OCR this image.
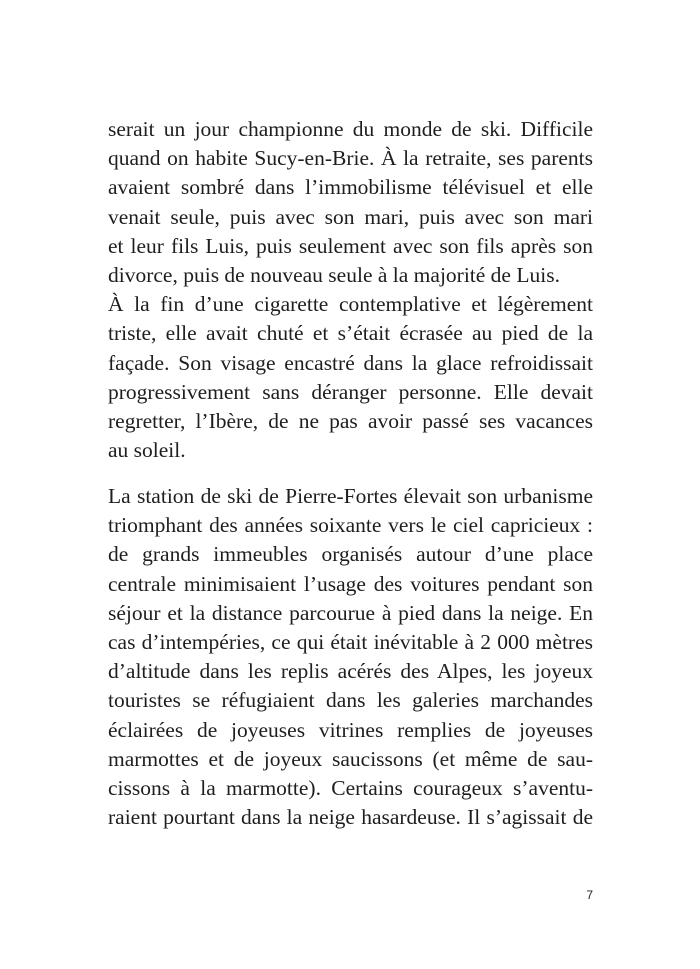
serait un jour championne du monde de ski. Difficile
quand on habite Sucy-en-Brie. À la retraite, ses parents
avaient sombré dans l’immobilisme télévisuel et elle
venait seule, puis avec son mari, puis avec son mari
et leur fils Luis, puis seulement avec son fils après son
divorce, puis de nouveau seule à la majorité de Luis.
À la fin d’une cigarette contemplative et légèrement
triste, elle avait chuté et s’était écrasée au pied de la
façade. Son visage encastré dans la glace refroidissait
progressivement sans déranger personne. Elle devait
regretter, l’Ibère, de ne pas avoir passé ses vacances
au soleil.
La station de ski de Pierre-Fortes élevait son urbanisme
triomphant des années soixante vers le ciel capricieux :
de grands immeubles organisés autour d’une place
centrale minimisaient l’usage des voitures pendant son
séjour et la distance parcourue à pied dans la neige. En
cas d’intempéries, ce qui était inévitable à 2 000 mètres
d’altitude dans les replis acérés des Alpes, les joyeux
touristes se réfugiaient dans les galeries marchandes
éclairées de joyeuses vitrines remplies de joyeuses
marmottes et de joyeux saucissons (et même de sau-
cissons à la marmotte). Certains courageux s’aventu-
raient pourtant dans la neige hasardeuse. Il s’agissait de
7
